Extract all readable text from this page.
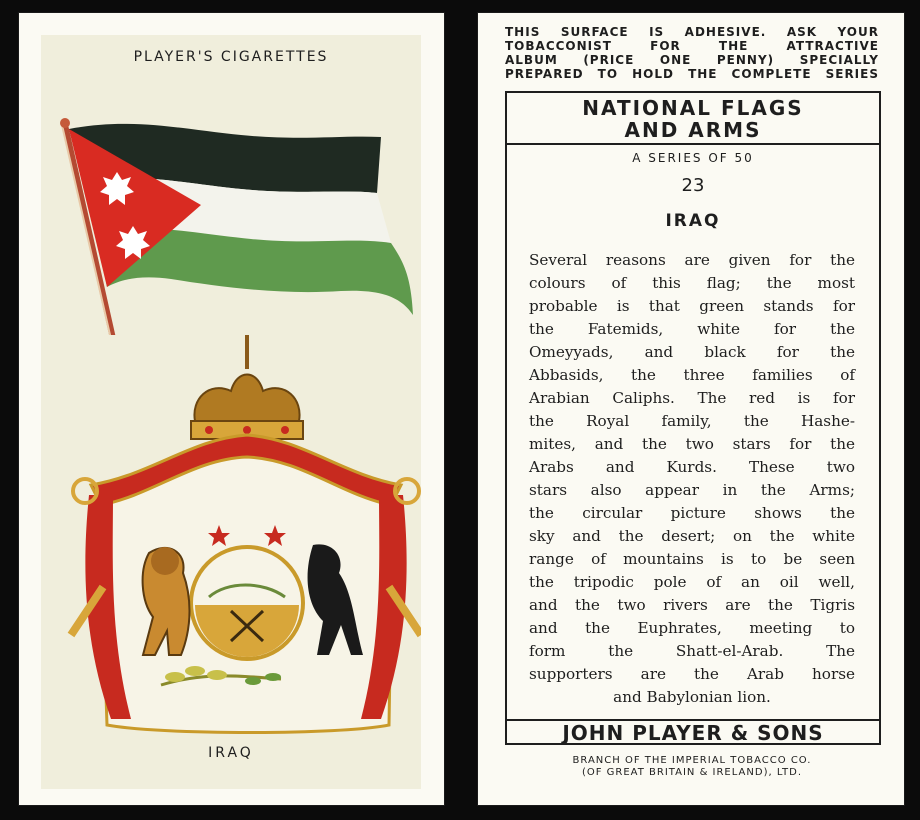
PLAYER'S CIGARETTES
IRAQ
THIS SURFACE IS ADHESIVE. ASK YOUR
TOBACCONIST FOR THE ATTRACTIVE
ALBUM (PRICE ONE PENNY) SPECIALLY
PREPARED TO HOLD THE COMPLETE SERIES
NATIONAL FLAGS
AND ARMS
A SERIES OF 50
23
IRAQ
Several reasons are given for the
colours of this flag; the most
probable is that green stands for
the Fatemids, white for the
Omeyyads, and black for the
Abbasids, the three families of
Arabian Caliphs. The red is for
the Royal family, the Hashe-
mites, and the two stars for the
Arabs and Kurds. These two
stars also appear in the Arms;
the circular picture shows the
sky and the desert; on the white
range of mountains is to be seen
the tripodic pole of an oil well,
and the two rivers are the Tigris
and the Euphrates, meeting to
form the Shatt-el-Arab. The
supporters are the Arab horse
and Babylonian lion.
JOHN PLAYER & SONS
BRANCH OF THE IMPERIAL TOBACCO CO.
(OF GREAT BRITAIN & IRELAND), LTD.
